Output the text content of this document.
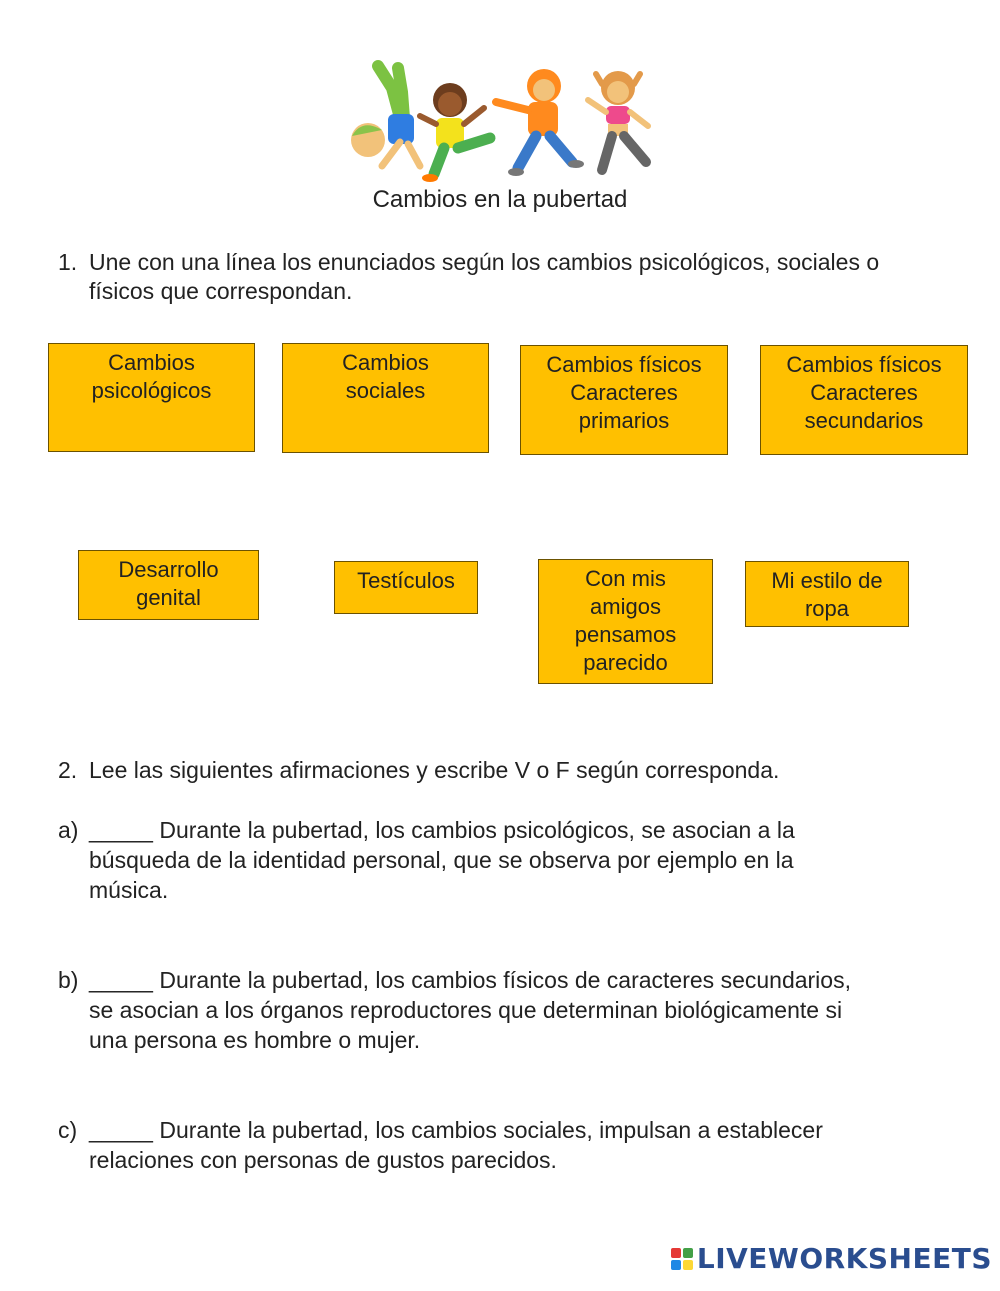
Cambios en la pubertad
1. Une con una línea los enunciados según los cambios psicológicos, sociales o
físicos que correspondan.
Cambios
psicológicos
Cambios
sociales
Cambios físicos
Caracteres
primarios
Cambios físicos
Caracteres
secundarios
Desarrollo
genital
Testículos	Con mis
amigos
pensamos
parecido
Mi estilo de
ropa
2. Lee las siguientes afirmaciones y escribe V o F según corresponda.
a) _____ Durante la pubertad, los cambios psicológicos, se asocian a la
búsqueda de la identidad personal, que se observa por ejemplo en la
música.
b) _____ Durante la pubertad, los cambios físicos de caracteres secundarios,
se asocian a los órganos reproductores que determinan biológicamente si
una persona es hombre o mujer.
c) _____ Durante la pubertad, los cambios sociales, impulsan a establecer
relaciones con personas de gustos parecidos.
LIVEWORKSHEETS
